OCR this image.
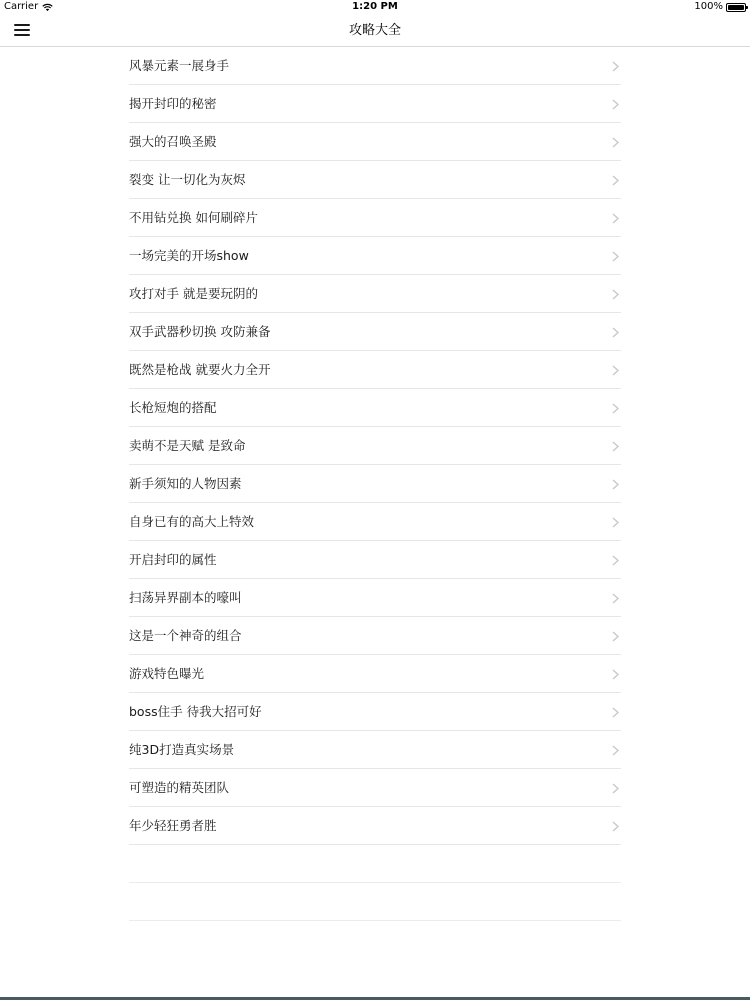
Carrier	1:20 PM	100%
攻略大全
风暴元素一展身手
揭开封印的秘密
强大的召唤圣殿
裂变 让一切化为灰烬
不用钻兑换 如何刷碎片
一场完美的开场show
攻打对手 就是要玩阴的
双手武器秒切换 攻防兼备
既然是枪战 就要火力全开
长枪短炮的搭配
卖萌不是天赋 是致命
新手须知的人物因素
自身已有的高大上特效
开启封印的属性
扫荡异界副本的嚎叫
这是一个神奇的组合
游戏特色曝光
boss住手 待我大招可好
纯3D打造真实场景
可塑造的精英团队
年少轻狂勇者胜
